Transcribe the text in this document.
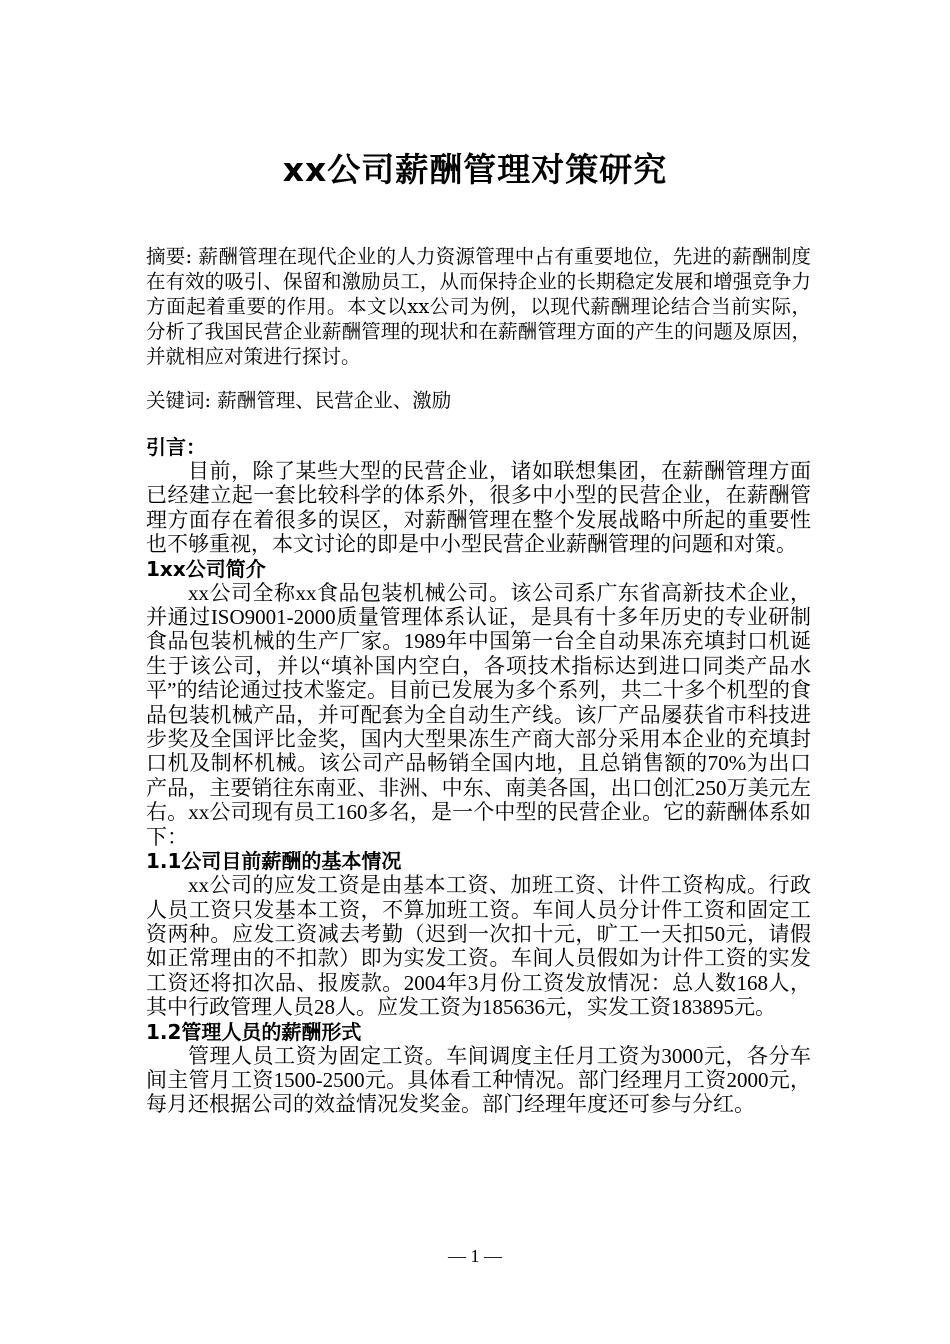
xx公司薪酬管理对策研究

摘要: 薪酬管理在现代企业的人力资源管理中占有重要地位，先进的薪酬制度在有效的吸引、保留和激励员工，从而保持企业的长期稳定发展和增强竞争力方面起着重要的作用。本文以xx公司为例，以现代薪酬理论结合当前实际，分析了我国民营企业薪酬管理的现状和在薪酬管理方面的产生的问题及原因， 并就相应对策进行探讨。

关键词: 薪酬管理、民营企业、激励

引言：

目前，除了某些大型的民营企业，诸如联想集团，在薪酬管理方面已经建立起一套比较科学的体系外，很多中小型的民营企业，在薪酬管理方面存在着很多的误区，对薪酬管理在整个发展战略中所起的重要性也不够重视，本文讨论的即是中小型民营企业薪酬管理的问题和对策。

1xx公司简介

xx公司全称xx食品包装机械公司。该公司系广东省高新技术企业，并通过ISO9001-2000质量管理体系认证，是具有十多年历史的专业研制食品包装机械的生产厂家。1989年中国第一台全自动果冻充填封口机诞生于该公司，并以“填补国内空白，各项技术指标达到进口同类产品水平”的结论通过技术鉴定。目前已发展为多个系列，共二十多个机型的食品包装机械产品，并可配套为全自动生产线。该厂产品屡获省市科技进步奖及全国评比金奖，国内大型果冻生产商大部分采用本企业的充填封口机及制杯机械。该公司产品畅销全国内地，且总销售额的70%为出口产品，主要销往东南亚、非洲、中东、南美各国，出口创汇250万美元左右。xx公司现有员工160多名，是一个中型的民营企业。它的薪酬体系如下：

1.1公司目前薪酬的基本情况

xx公司的应发工资是由基本工资、加班工资、计件工资构成。行政人员工资只发基本工资，不算加班工资。车间人员分计件工资和固定工资两种。应发工资减去考勤（迟到一次扣十元，旷工一天扣50元，请假如正常理由的不扣款）即为实发工资。车间人员假如为计件工资的实发工资还将扣次品、报废款。2004年3月份工资发放情况：总人数168人，其中行政管理人员28人。应发工资为185636元，实发工资183895元。

1.2管理人员的薪酬形式

管理人员工资为固定工资。车间调度主任月工资为3000元，各分车间主管月工资1500-2500元。具体看工种情况。部门经理月工资2000元，每月还根据公司的效益情况发奖金。部门经理年度还可参与分红。

— 1 —
